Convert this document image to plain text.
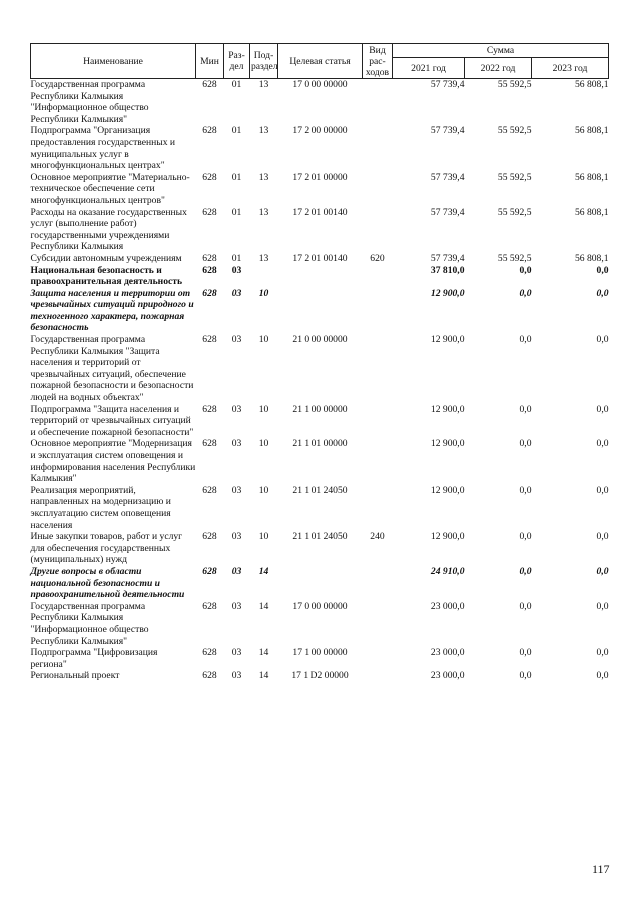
Наименование	Мин	Раз-дел	Под-раздел	Целевая статья	Вид рас-ходов	Сумма		
						2021 год	2022 год	2023 год
Государственная программа Республики Калмыкия "Информационное общество Республики Калмыкия"	628	01	13	17 0 00 00000		57 739,4	55 592,5	56 808,1
Подпрограмма "Организация предоставления государственных и муниципальных услуг в многофункциональных центрах"	628	01	13	17 2 00 00000		57 739,4	55 592,5	56 808,1
Основное мероприятие "Материально-техническое обеспечение сети многофункциональных центров"	628	01	13	17 2 01 00000		57 739,4	55 592,5	56 808,1
Расходы на оказание государственных услуг (выполнение работ) государственными учреждениями Республики Калмыкия	628	01	13	17 2 01 00140		57 739,4	55 592,5	56 808,1
Субсидии автономным учреждениям	628	01	13	17 2 01 00140	620	57 739,4	55 592,5	56 808,1
Национальная безопасность и правоохранительная деятельность	628	03				37 810,0	0,0	0,0
Защита населения и территории от чрезвычайных ситуаций природного и техногенного характера, пожарная безопасность	628	03	10			12 900,0	0,0	0,0
Государственная программа Республики Калмыкия "Защита населения и территорий от чрезвычайных ситуаций, обеспечение пожарной безопасности и безопасности людей на водных объектах"	628	03	10	21 0 00 00000		12 900,0	0,0	0,0
Подпрограмма "Защита населения и территорий от чрезвычайных ситуаций и обеспечение пожарной безопасности"	628	03	10	21 1 00 00000		12 900,0	0,0	0,0
Основное мероприятие "Модернизация и эксплуатация систем оповещения и информирования населения Республики Калмыкия"	628	03	10	21 1 01 00000		12 900,0	0,0	0,0
Реализация мероприятий, направленных на модернизацию и эксплуатацию систем оповещения населения	628	03	10	21 1 01 24050		12 900,0	0,0	0,0
Иные закупки товаров, работ и услуг для обеспечения государственных (муниципальных) нужд	628	03	10	21 1 01 24050	240	12 900,0	0,0	0,0
Другие вопросы в области национальной безопасности и правоохранительной деятельности	628	03	14			24 910,0	0,0	0,0
Государственная программа Республики Калмыкия "Информационное общество Республики Калмыкия"	628	03	14	17 0 00 00000		23 000,0	0,0	0,0
Подпрограмма "Цифровизация региона"	628	03	14	17 1 00 00000		23 000,0	0,0	0,0
Региональный проект	628	03	14	17 1 D2 00000		23 000,0	0,0	0,0
117
